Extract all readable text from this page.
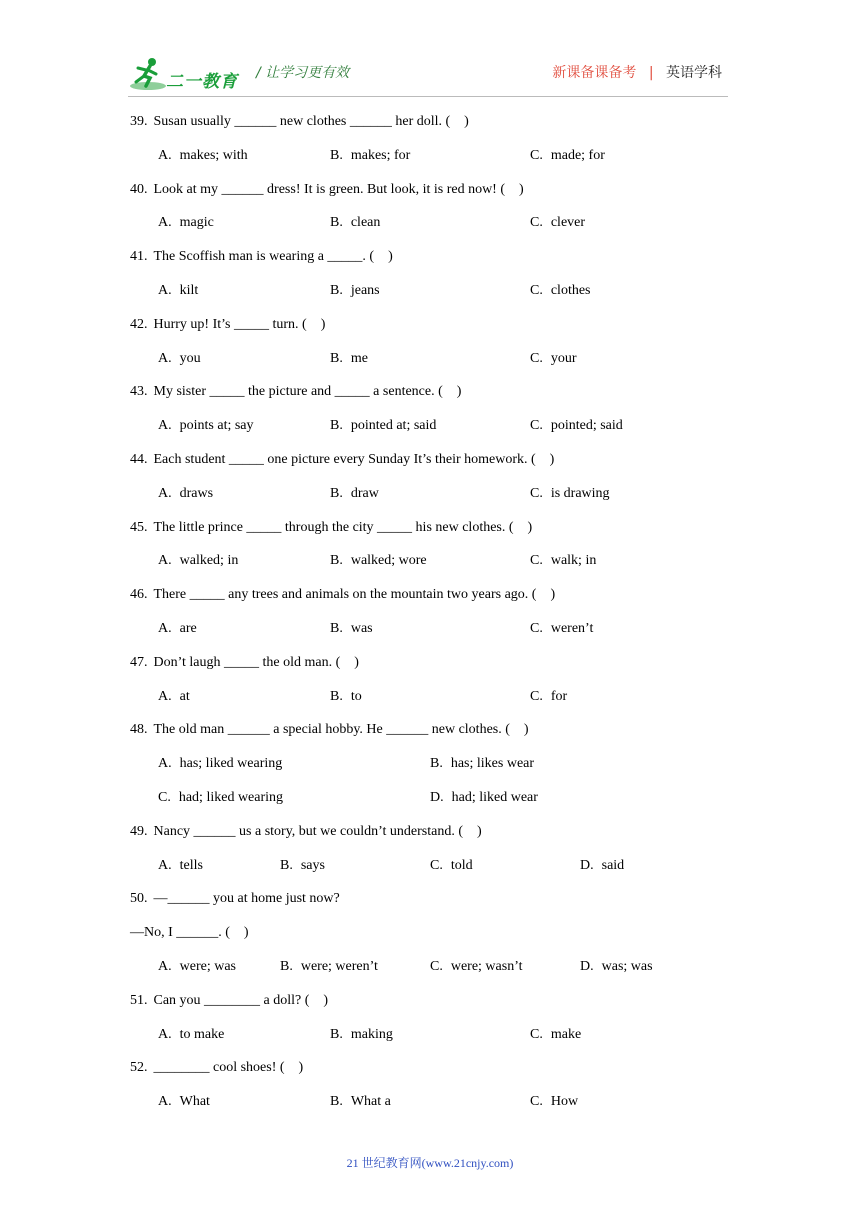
二一教育 / 让学习更有效	新课备课备考 | 英语学科
39. Susan usually ______ new clothes ______ her doll. (　)
A. makes; with	B. makes; for	C. made; for
40. Look at my ______ dress! It is green. But look, it is red now! (　)
A. magic	B. clean	C. clever
41. The Scoffish man is wearing a _____. (　)
A. kilt	B. jeans	C. clothes
42. Hurry up! It’s _____ turn. (　)
A. you	B. me	C. your
43. My sister _____ the picture and _____ a sentence. (　)
A. points at; say	B. pointed at; said	C. pointed; said
44. Each student _____ one picture every Sunday It’s their homework. (　)
A. draws	B. draw	C. is drawing
45. The little prince _____ through the city _____ his new clothes. (　)
A. walked; in	B. walked; wore	C. walk; in
46. There _____ any trees and animals on the mountain two years ago. (　)
A. are	B. was	C. weren’t
47. Don’t laugh _____ the old man. (　)
A. at	B. to	C. for
48. The old man ______ a special hobby. He ______ new clothes. (　)
A. has; liked wearing	B. has; likes wear
C. had; liked wearing	D. had; liked wear
49. Nancy ______ us a story, but we couldn’t understand. (　)
A. tells	B. says	C. told	D. said
50. —______ you at home just now?
—No, I ______. (　)
A. were; was	B. were; weren’t	C. were; wasn’t	D. was; was
51. Can you ________ a doll? (　)
A. to make	B. making	C. make
52. ________ cool shoes! (　)
A. What	B. What a	C. How
21 世纪教育网(www.21cnjy.com)
